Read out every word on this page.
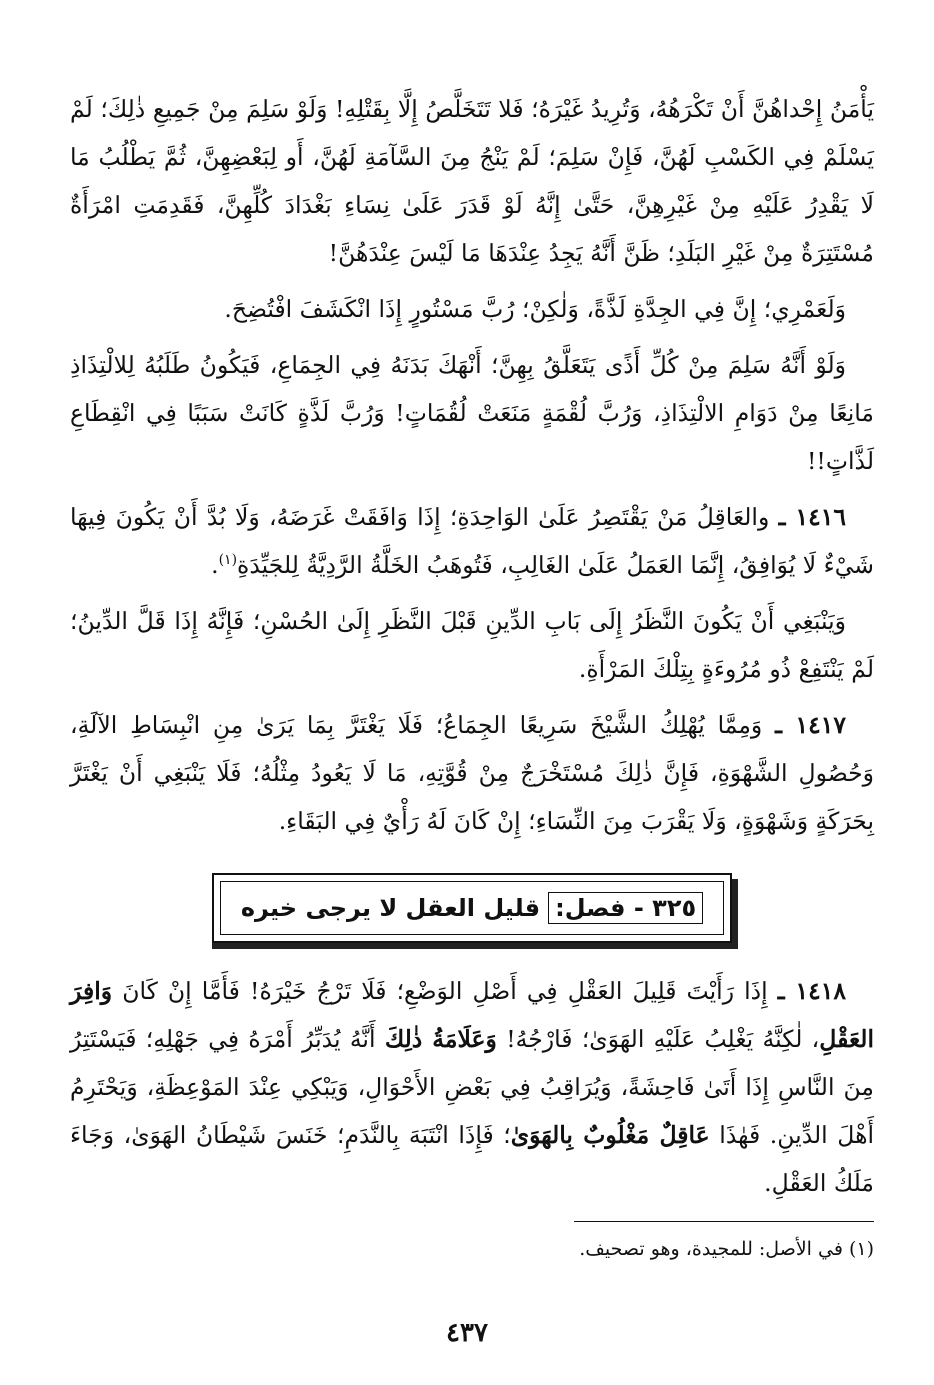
يَأْمَنُ إِحْداهُنَّ أَنْ تَكْرَهُهُ، وَتُرِيدُ غَيْرَهُ؛ فَلا تَتَخَلَّصُ إِلَّا بِقَتْلِهِ! وَلَوْ سَلِمَ مِنْ جَمِيعِ ذٰلِكَ؛ لَمْ يَسْلَمْ فِي الكَسْبِ لَهُنَّ، فَإِنْ سَلِمَ؛ لَمْ يَنْجُ مِنَ السَّآمَةِ لَهُنَّ، أَو لِبَعْضِهِنَّ، ثُمَّ يَطْلُبُ مَا لَا يَقْدِرُ عَلَيْهِ مِنْ غَيْرِهِنَّ، حَتَّىٰ إِنَّهُ لَوْ قَدَرَ عَلَىٰ نِسَاءِ بَغْدَادَ كُلِّهِنَّ، فَقَدِمَتِ امْرَأَةٌ مُسْتَتِرَةٌ مِنْ غَيْرِ البَلَدِ؛ ظَنَّ أَنَّهُ يَجِدُ عِنْدَهَا مَا لَيْسَ عِنْدَهُنَّ!

وَلَعَمْرِي؛ إِنَّ فِي الجِدَّةِ لَذَّةً، وَلٰكِنْ؛ رُبَّ مَسْتُورٍ إِذَا انْكَشَفَ افْتُضِحَ.

وَلَوْ أَنَّهُ سَلِمَ مِنْ كُلِّ أَذًى يَتَعَلَّقُ بِهِنَّ؛ أَنْهَكَ بَدَنَهُ فِي الجِمَاعِ، فَيَكُونُ طَلَبُهُ لِلالْتِذَاذِ مَانِعًا مِنْ دَوَامِ الالْتِذَاذِ، وَرُبَّ لُقْمَةٍ مَنَعَتْ لُقُمَاتٍ! وَرُبَّ لَذَّةٍ كَانَتْ سَبَبًا فِي انْقِطَاعِ لَذَّاتٍ!!

١٤١٦ ـ والعَاقِلُ مَنْ يَقْتَصِرُ عَلَىٰ الوَاحِدَةِ؛ إِذَا وَافَقَتْ غَرَضَهُ، وَلَا بُدَّ أَنْ يَكُونَ فِيهَا شَيْءٌ لَا يُوَافِقُ، إِنَّمَا العَمَلُ عَلَىٰ الغَالِبِ، فَتُوهَبُ الخَلَّةُ الرَّدِيَّةُ لِلجَيِّدَةِ$^{(١)}$.

وَيَنْبَغِي أَنْ يَكُونَ النَّظَرُ إِلَى بَابِ الدِّينِ قَبْلَ النَّظَرِ إِلَىٰ الحُسْنِ؛ فَإِنَّهُ إِذَا قَلَّ الدِّينُ؛ لَمْ يَنْتَفِعْ ذُو مُرُوءَةٍ بِتِلْكَ المَرْأَةِ.

١٤١٧ ـ وَمِمَّا يُهْلِكُ الشَّيْخَ سَرِيعًا الجِمَاعُ؛ فَلَا يَغْتَرَّ بِمَا يَرَىٰ مِنِ انْبِسَاطِ الآلَةِ، وَحُصُولِ الشَّهْوَةِ، فَإِنَّ ذٰلِكَ مُسْتَخْرَجٌ مِنْ قُوَّتِهِ، مَا لَا يَعُودُ مِثْلُهُ؛ فَلَا يَنْبَغِي أَنْ يَغْتَرَّ بِحَرَكَةٍ وَشَهْوَةٍ، وَلَا يَقْرَبَ مِنَ النِّسَاءِ؛ إِنْ كَانَ لَهُ رَأْيٌ فِي البَقَاءِ.

٣٢٥ - فصل:
قليل العقل لا يرجى خيره

١٤١٨ ـ إِذَا رَأَيْتَ قَلِيلَ العَقْلِ فِي أَصْلِ الوَضْعِ؛ فَلَا تَرْجُ خَيْرَهُ! فَأَمَّا إِنْ كَانَ وَافِرَ العَقْلِ، لٰكِنَّهُ يَغْلِبُ عَلَيْهِ الهَوَىٰ؛ فَارْجُهُ! وَعَلَامَةُ ذٰلِكَ أَنَّهُ يُدَبِّرُ أَمْرَهُ فِي جَهْلِهِ؛ فَيَسْتَتِرُ مِنَ النَّاسِ إِذَا أَتَىٰ فَاحِشَةً، وَيُرَاقِبُ فِي بَعْضِ الأَحْوَالِ، وَيَبْكِي عِنْدَ المَوْعِظَةِ، وَيَحْتَرِمُ أَهْلَ الدِّينِ. فَهٰذَا عَاقِلٌ مَغْلُوبٌ بِالهَوَىٰ؛ فَإِذَا انْتَبَهَ بِالنَّدَمِ؛ خَنَسَ شَيْطَانُ الهَوَىٰ، وَجَاءَ مَلَكُ العَقْلِ.

(١) في الأصل: للمجيدة، وهو تصحيف.

٤٣٧
